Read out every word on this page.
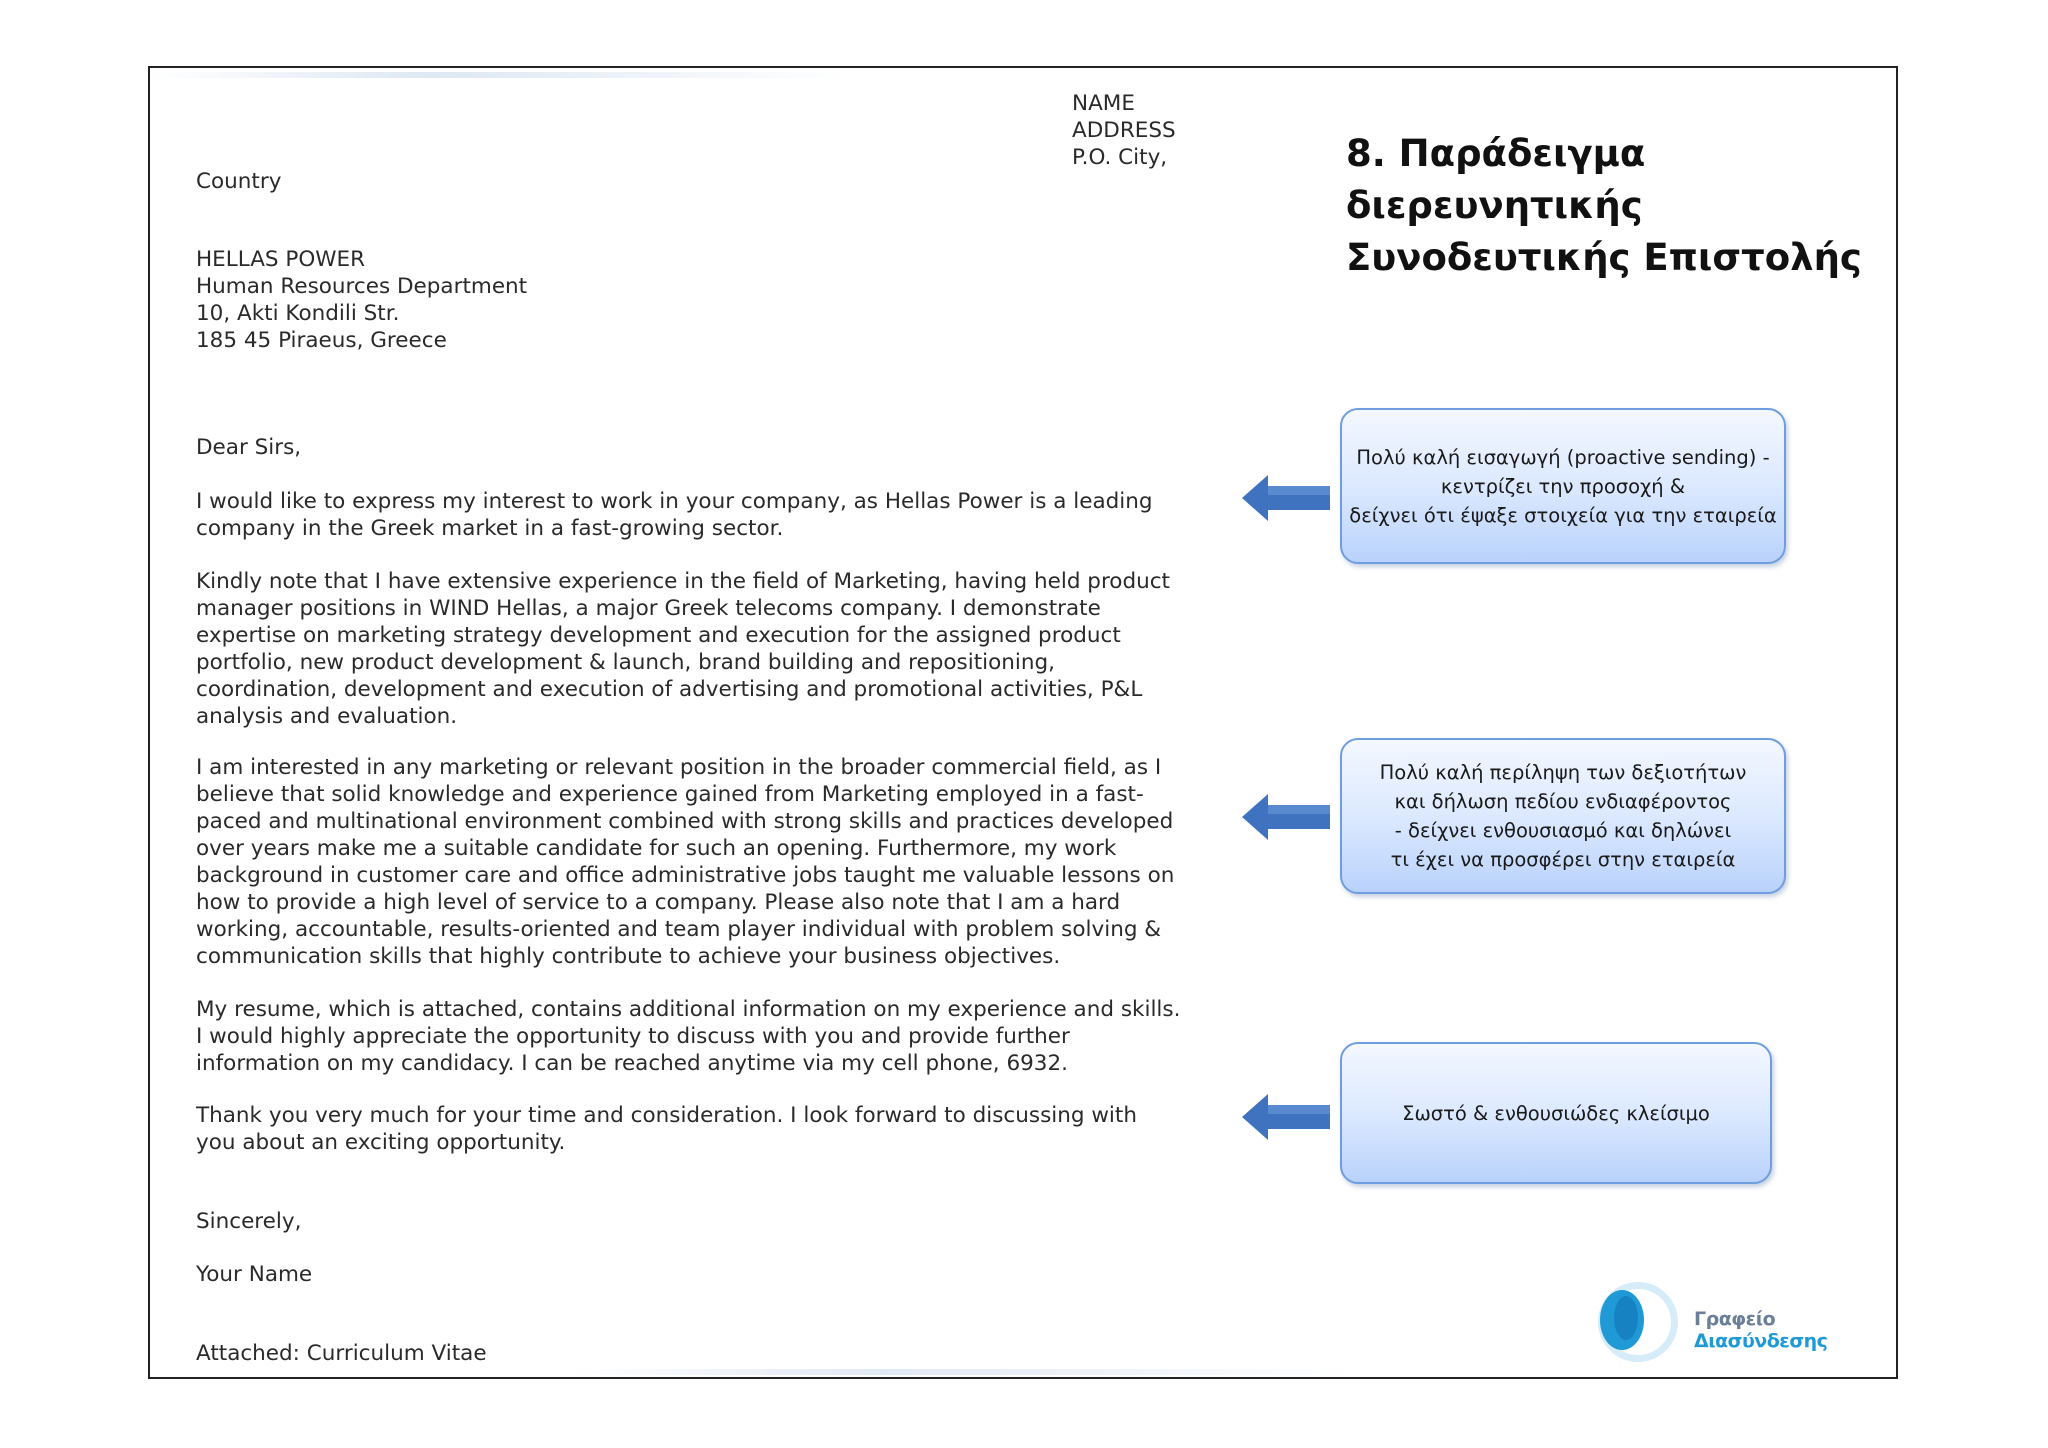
NAME
ADDRESS
P.O. City,
Country
HELLAS POWER
Human Resources Department
10, Akti Kondili Str.
185 45 Piraeus, Greece
Dear Sirs,
I would like to express my interest to work in your company, as Hellas Power is a leading
company in the Greek market in a fast-growing sector.
Kindly note that I have extensive experience in the field of Marketing, having held product
manager positions in WIND Hellas, a major Greek telecoms company. I demonstrate
expertise on marketing strategy development and execution for the assigned product
portfolio, new product development & launch, brand building and repositioning,
coordination, development and execution of advertising and promotional activities, P&L
analysis and evaluation.
I am interested in any marketing or relevant position in the broader commercial field, as I
believe that solid knowledge and experience gained from Marketing employed in a fast-
paced and multinational environment combined with strong skills and practices developed
over years make me a suitable candidate for such an opening. Furthermore, my work
background in customer care and office administrative jobs taught me valuable lessons on
how to provide a high level of service to a company. Please also note that I am a hard
working, accountable, results-oriented and team player individual with problem solving &
communication skills that highly contribute to achieve your business objectives.
My resume, which is attached, contains additional information on my experience and skills.
I would highly appreciate the opportunity to discuss with you and provide further
information on my candidacy. I can be reached anytime via my cell phone, 6932.
Thank you very much for your time and consideration. I look forward to discussing with
you about an exciting opportunity.
Sincerely,
Your Name
Attached: Curriculum Vitae
8. Παράδειγμα
διερευνητικής
Συνοδευτικής Επιστολής
Πολύ καλή εισαγωγή (proactive sending) -
κεντρίζει την προσοχή &
δείχνει ότι έψαξε στοιχεία για την εταιρεία
Πολύ καλή περίληψη των δεξιοτήτων
και δήλωση πεδίου ενδιαφέροντος
- δείχνει ενθουσιασμό και δηλώνει
τι έχει να προσφέρει στην εταιρεία
Σωστό & ενθουσιώδες κλείσιμο
Γραφείο Διασύνδεσης
